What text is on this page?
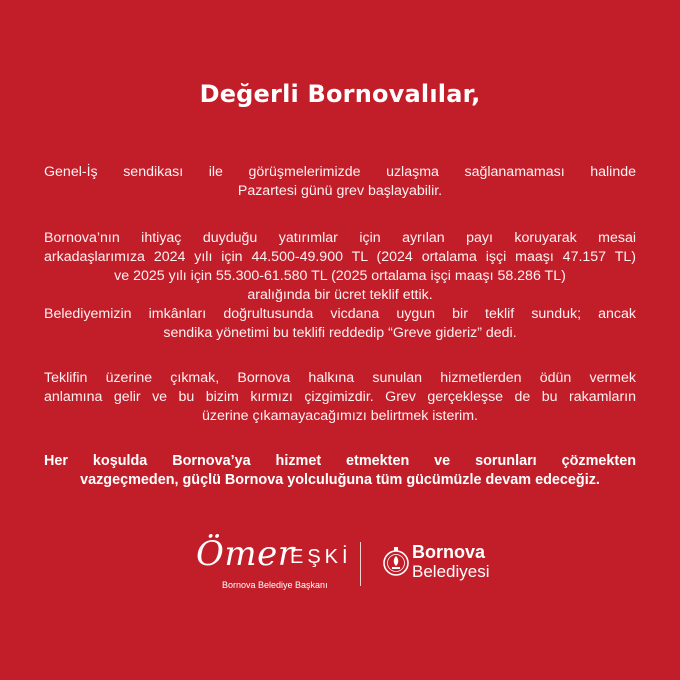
Değerli Bornovalılar,
Genel-İş sendikası ile görüşmelerimizde uzlaşma sağlanamaması halinde
Pazartesi günü grev başlayabilir.
Bornova’nın ihtiyaç duyduğu yatırımlar için ayrılan payı koruyarak mesai
arkadaşlarımıza 2024 yılı için 44.500-49.900 TL (2024 ortalama işçi maaşı 47.157 TL)
ve 2025 yılı için 55.300-61.580 TL (2025 ortalama işçi maaşı 58.286 TL)
aralığında bir ücret teklif ettik.
Belediyemizin imkânları doğrultusunda vicdana uygun bir teklif sunduk; ancak
sendika yönetimi bu teklifi reddedip “Greve gideriz” dedi.
Teklifin üzerine çıkmak, Bornova halkına sunulan hizmetlerden ödün vermek
anlamına gelir ve bu bizim kırmızı çizgimizdir. Grev gerçekleşse de bu rakamların
üzerine çıkamayacağımızı belirtmek isterim.
Her koşulda Bornova’ya hizmet etmekten ve sorunları çözmekten
vazgeçmeden, güçlü Bornova yolculuğuna tüm gücümüzle devam edeceğiz.
Ömer
EŞKİ
Bornova Belediye Başkanı
Bornova
Belediyesi
